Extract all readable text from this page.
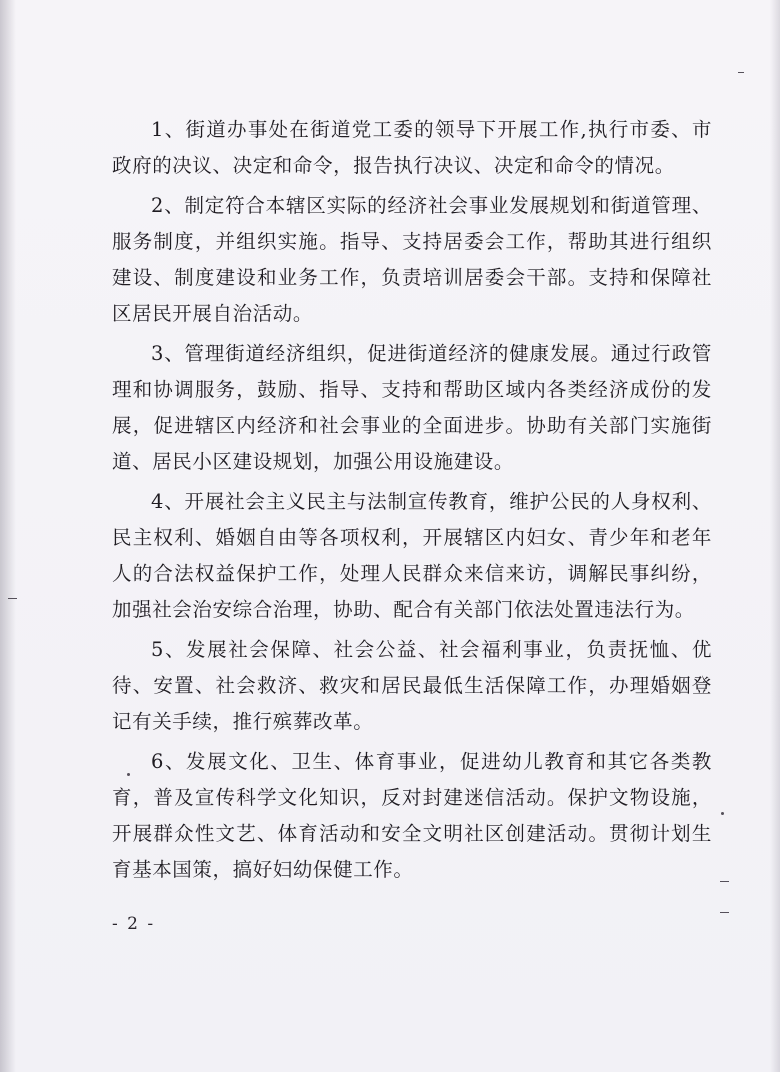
1、街道办事处在街道党工委的领导下开展工作,执行市委、市政府的决议、决定和命令，报告执行决议、决定和命令的情况。

2、制定符合本辖区实际的经济社会事业发展规划和街道管理、服务制度，并组织实施。指导、支持居委会工作，帮助其进行组织建设、制度建设和业务工作，负责培训居委会干部。支持和保障社区居民开展自治活动。

3、管理街道经济组织，促进街道经济的健康发展。通过行政管理和协调服务，鼓励、指导、支持和帮助区域内各类经济成份的发展，促进辖区内经济和社会事业的全面进步。协助有关部门实施街道、居民小区建设规划，加强公用设施建设。

4、开展社会主义民主与法制宣传教育，维护公民的人身权利、民主权利、婚姻自由等各项权利，开展辖区内妇女、青少年和老年人的合法权益保护工作，处理人民群众来信来访，调解民事纠纷，加强社会治安综合治理，协助、配合有关部门依法处置违法行为。

5、发展社会保障、社会公益、社会福利事业，负责抚恤、优待、安置、社会救济、救灾和居民最低生活保障工作，办理婚姻登记有关手续，推行殡葬改革。

6、发展文化、卫生、体育事业，促进幼儿教育和其它各类教育，普及宣传科学文化知识，反对封建迷信活动。保护文物设施，开展群众性文艺、体育活动和安全文明社区创建活动。贯彻计划生育基本国策，搞好妇幼保健工作。

- 2 -
